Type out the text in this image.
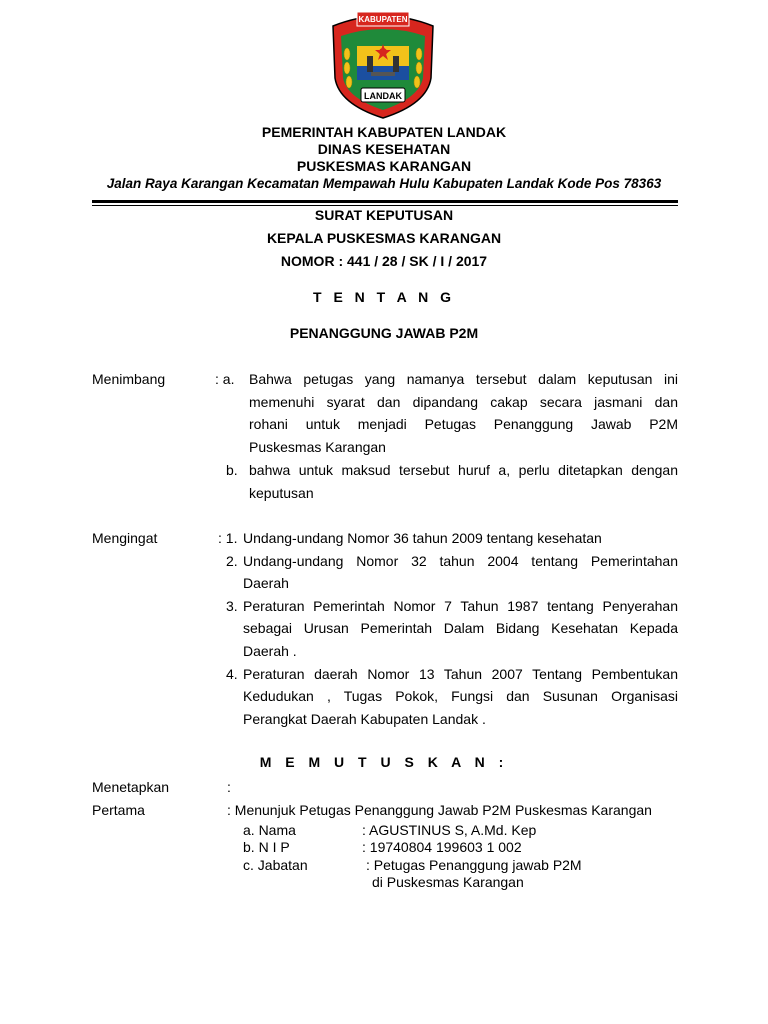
KABUPATEN
LANDAK
PEMERINTAH KABUPATEN LANDAK
DINAS KESEHATAN
PUSKESMAS KARANGAN
Jalan Raya Karangan Kecamatan Mempawah Hulu Kabupaten Landak Kode Pos 78363
SURAT KEPUTUSAN
KEPALA PUSKESMAS KARANGAN
NOMOR : 441 / 28 / SK / I / 2017
T E N T A N G
PENANGGUNG JAWAB P2M
Menimbang	: a. Bahwa petugas yang namanya tersebut dalam keputusan ini
memenuhi syarat dan dipandang cakap secara jasmani dan
rohani untuk menjadi Petugas Penanggung Jawab P2M
Puskesmas Karangan
b. bahwa untuk maksud tersebut huruf a, perlu ditetapkan dengan
keputusan
Mengingat	: 1. Undang-undang Nomor 36 tahun 2009 tentang kesehatan
2. Undang-undang Nomor 32 tahun 2004 tentang Pemerintahan
Daerah
3. Peraturan Pemerintah Nomor 7 Tahun 1987 tentang Penyerahan
sebagai Urusan Pemerintah Dalam Bidang Kesehatan Kepada
Daerah .
4. Peraturan daerah Nomor 13 Tahun 2007 Tentang Pembentukan
Kedudukan , Tugas Pokok, Fungsi dan Susunan Organisasi
Perangkat Daerah Kabupaten Landak .
M E M U T U S K A N :
Menetapkan	:
Pertama	: Menunjuk Petugas Penanggung Jawab P2M Puskesmas Karangan
a. Nama	: AGUSTINUS S, A.Md. Kep
b. N I P	: 19740804 199603 1 002
c. Jabatan	: Petugas Penanggung jawab P2M
di Puskesmas Karangan
